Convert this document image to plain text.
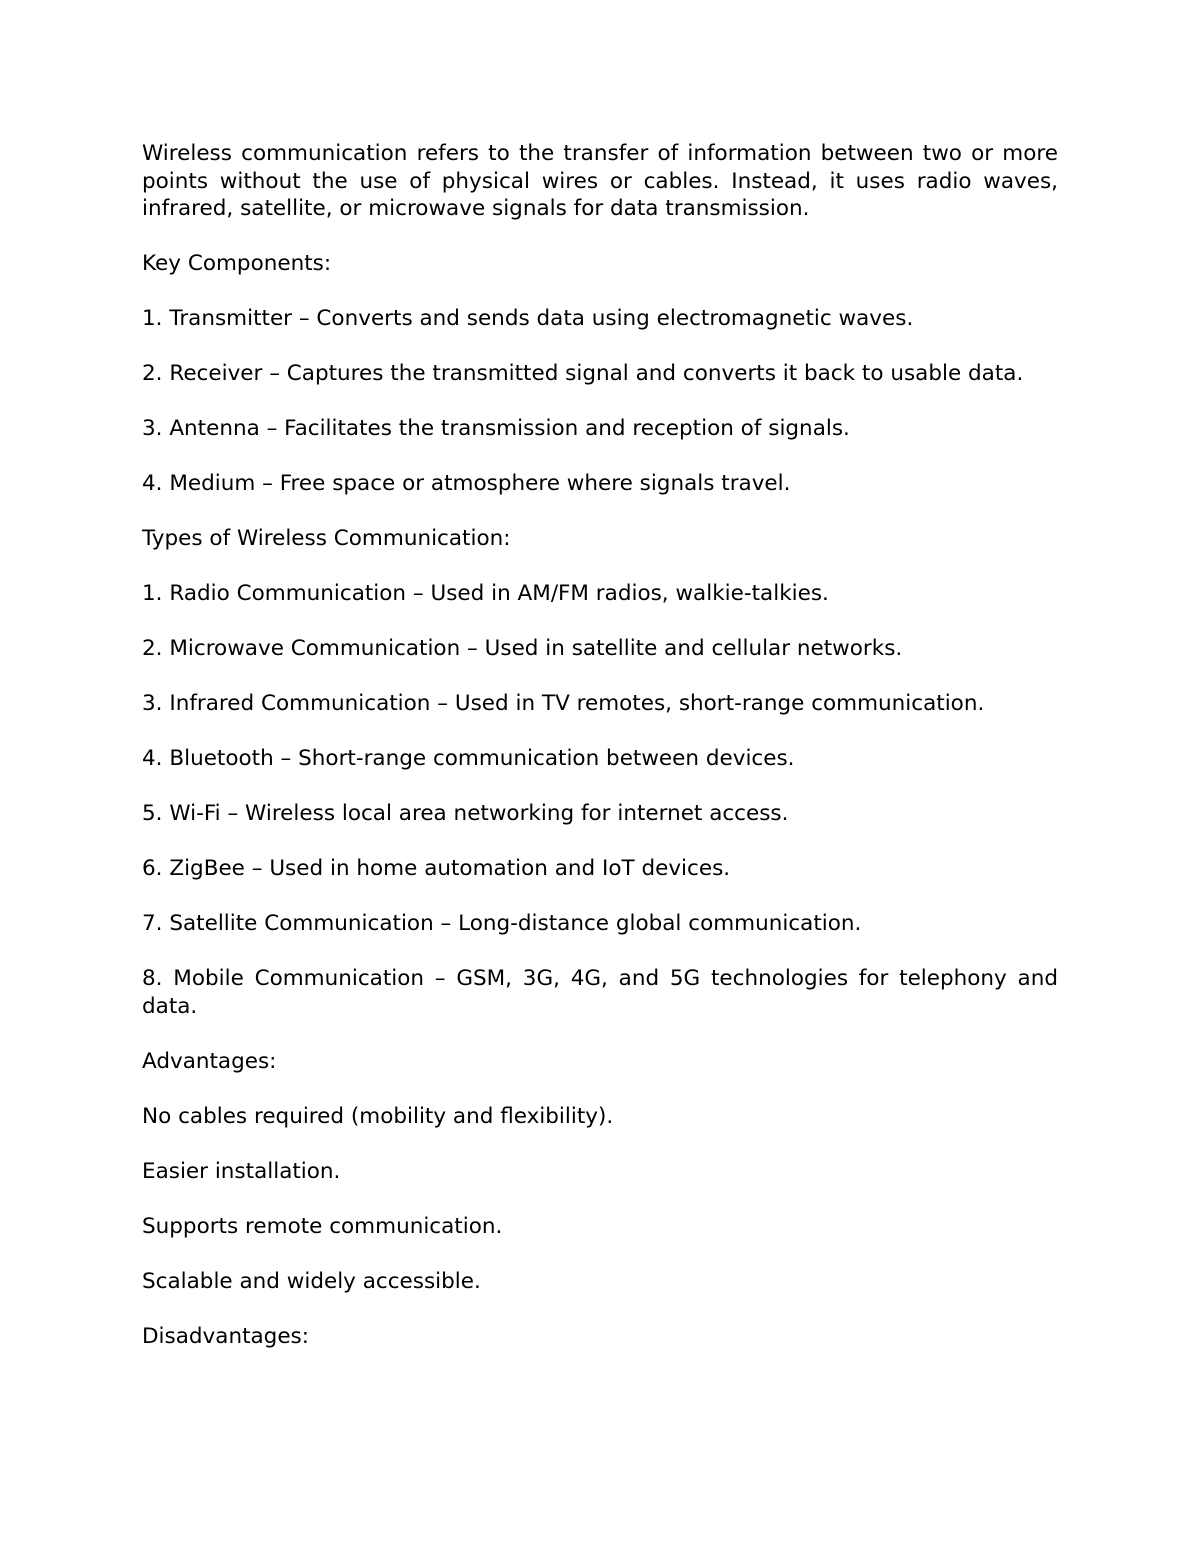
Wireless communication refers to the transfer of information between two or more points without the use of physical wires or cables. Instead, it uses radio waves, infrared, satellite, or microwave signals for data transmission.

Key Components:

1. Transmitter – Converts and sends data using electromagnetic waves.

2. Receiver – Captures the transmitted signal and converts it back to usable data.

3. Antenna – Facilitates the transmission and reception of signals.

4. Medium – Free space or atmosphere where signals travel.

Types of Wireless Communication:

1. Radio Communication – Used in AM/FM radios, walkie-talkies.

2. Microwave Communication – Used in satellite and cellular networks.

3. Infrared Communication – Used in TV remotes, short-range communication.

4. Bluetooth – Short-range communication between devices.

5. Wi-Fi – Wireless local area networking for internet access.

6. ZigBee – Used in home automation and IoT devices.

7. Satellite Communication – Long-distance global communication.

8. Mobile Communication – GSM, 3G, 4G, and 5G technologies for telephony and data.

Advantages:

No cables required (mobility and flexibility).

Easier installation.

Supports remote communication.

Scalable and widely accessible.

Disadvantages:
